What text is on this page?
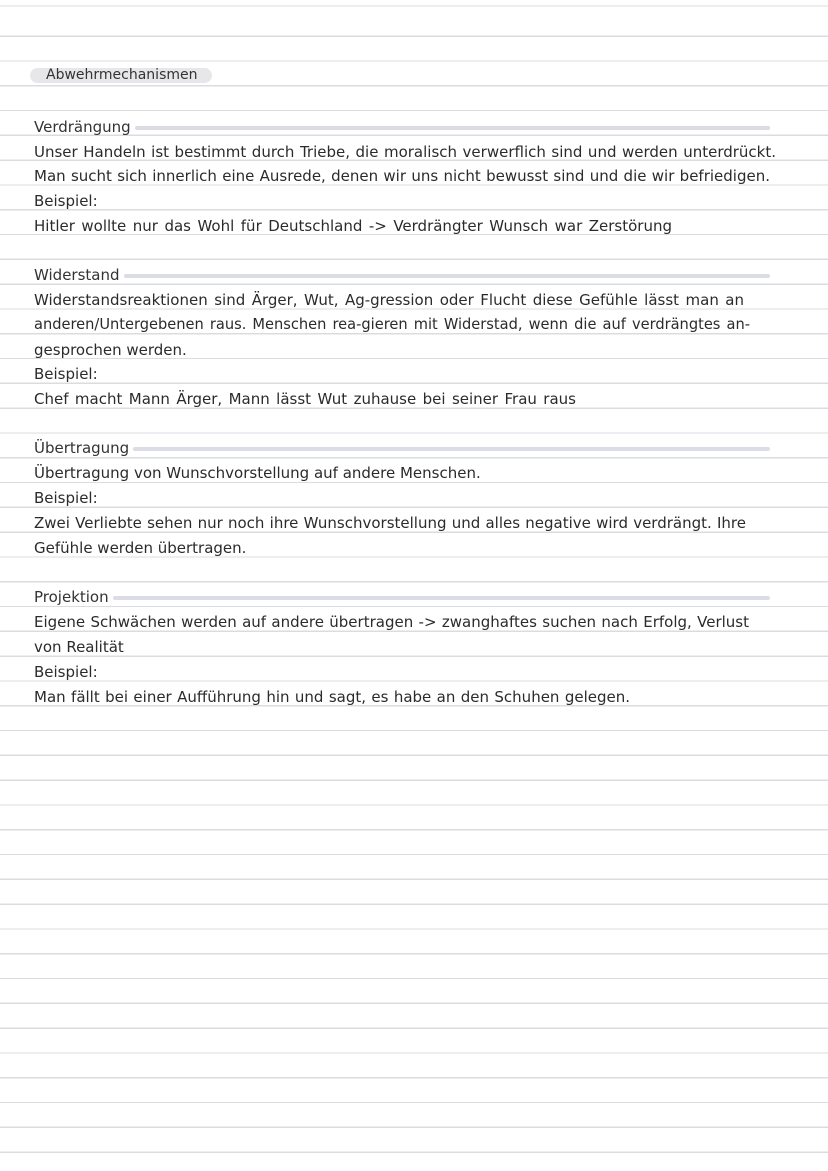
Abwehrmechanismen
Verdrängung
Unser Handeln ist bestimmt durch Triebe, die moralisch verwerflich sind und werden unterdrückt.
Man sucht sich innerlich eine Ausrede, denen wir uns nicht bewusst sind und die wir befriedigen.
Beispiel:
Hitler wollte nur das Wohl für Deutschland -> Verdrängter Wunsch war Zerstörung
Widerstand
Widerstandsreaktionen sind Ärger, Wut, Ag-gression oder Flucht diese Gefühle lässt man an
anderen/Untergebenen raus. Menschen rea-gieren mit Widerstad, wenn die auf verdrängtes an-
gesprochen werden.
Beispiel:
Chef macht Mann Ärger, Mann lässt Wut zuhause bei seiner Frau raus
Übertragung
Übertragung von Wunschvorstellung auf andere Menschen.
Beispiel:
Zwei Verliebte sehen nur noch ihre Wunschvorstellung und alles negative wird verdrängt. Ihre
Gefühle werden übertragen.
Projektion
Eigene Schwächen werden auf andere übertragen -> zwanghaftes suchen nach Erfolg, Verlust
von Realität
Beispiel:
Man fällt bei einer Aufführung hin und sagt, es habe an den Schuhen gelegen.
